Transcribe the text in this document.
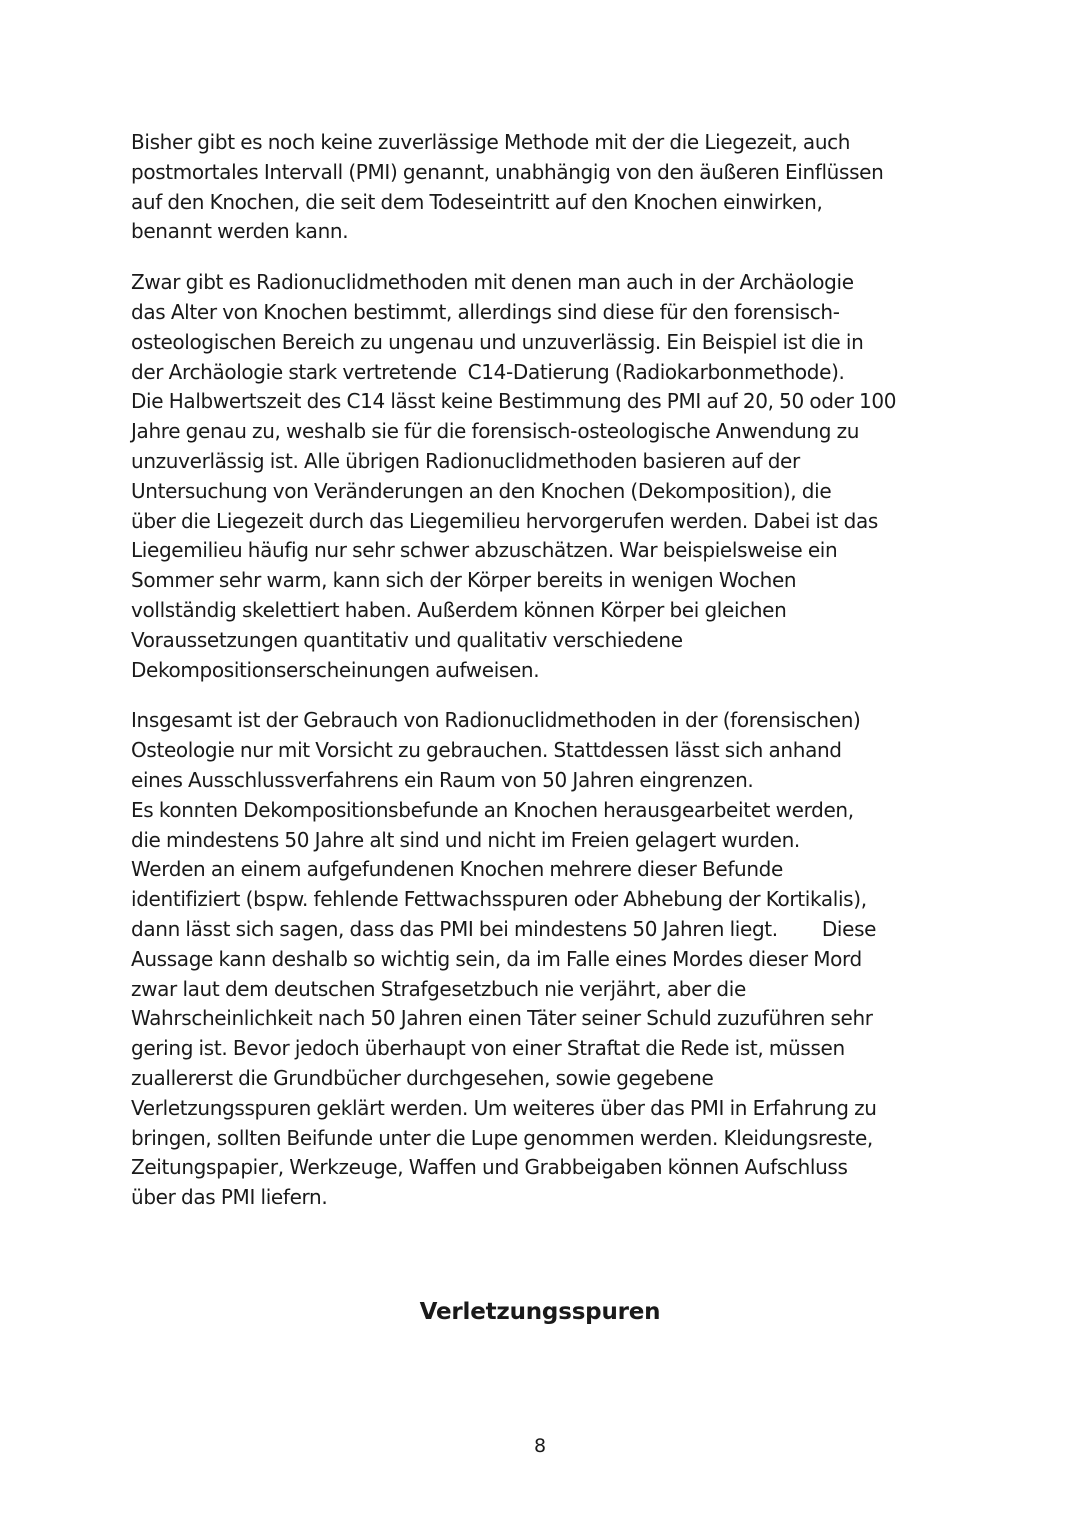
Bisher gibt es noch keine zuverlässige Methode mit der die Liegezeit, auch
postmortales Intervall (PMI) genannt, unabhängig von den äußeren Einflüssen
auf den Knochen, die seit dem Todeseintritt auf den Knochen einwirken,
benannt werden kann.

Zwar gibt es Radionuclidmethoden mit denen man auch in der Archäologie
das Alter von Knochen bestimmt, allerdings sind diese für den forensisch-
osteologischen Bereich zu ungenau und unzuverlässig. Ein Beispiel ist die in
der Archäologie stark vertretende  C14-Datierung (Radiokarbonmethode).
Die Halbwertszeit des C14 lässt keine Bestimmung des PMI auf 20, 50 oder 100
Jahre genau zu, weshalb sie für die forensisch-osteologische Anwendung zu
unzuverlässig ist. Alle übrigen Radionuclidmethoden basieren auf der
Untersuchung von Veränderungen an den Knochen (Dekomposition), die
über die Liegezeit durch das Liegemilieu hervorgerufen werden. Dabei ist das
Liegemilieu häufig nur sehr schwer abzuschätzen. War beispielsweise ein
Sommer sehr warm, kann sich der Körper bereits in wenigen Wochen
vollständig skelettiert haben. Außerdem können Körper bei gleichen
Voraussetzungen quantitativ und qualitativ verschiedene
Dekompositionserscheinungen aufweisen.

Insgesamt ist der Gebrauch von Radionuclidmethoden in der (forensischen)
Osteologie nur mit Vorsicht zu gebrauchen. Stattdessen lässt sich anhand
eines Ausschlussverfahrens ein Raum von 50 Jahren eingrenzen.
Es konnten Dekompositionsbefunde an Knochen herausgearbeitet werden,
die mindestens 50 Jahre alt sind und nicht im Freien gelagert wurden.
Werden an einem aufgefundenen Knochen mehrere dieser Befunde
identifiziert (bspw. fehlende Fettwachsspuren oder Abhebung der Kortikalis),
dann lässt sich sagen, dass das PMI bei mindestens 50 Jahren liegt.        Diese
Aussage kann deshalb so wichtig sein, da im Falle eines Mordes dieser Mord
zwar laut dem deutschen Strafgesetzbuch nie verjährt, aber die
Wahrscheinlichkeit nach 50 Jahren einen Täter seiner Schuld zuzuführen sehr
gering ist. Bevor jedoch überhaupt von einer Straftat die Rede ist, müssen
zuallererst die Grundbücher durchgesehen, sowie gegebene
Verletzungsspuren geklärt werden. Um weiteres über das PMI in Erfahrung zu
bringen, sollten Beifunde unter die Lupe genommen werden. Kleidungsreste,
Zeitungspapier, Werkzeuge, Waffen und Grabbeigaben können Aufschluss
über das PMI liefern.

Verletzungsspuren
8
